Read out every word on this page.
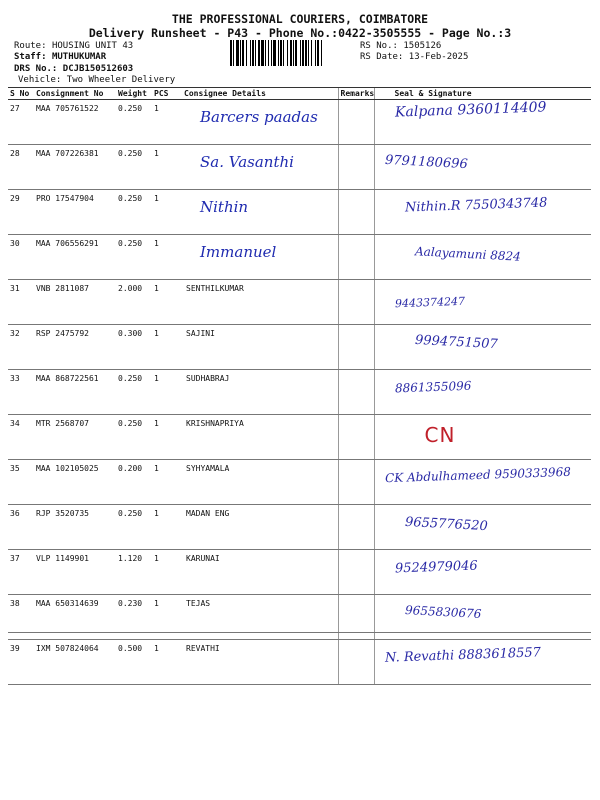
THE PROFESSIONAL COURIERS, COIMBATORE
Delivery Runsheet - P43 - Phone No.:0422-3505555 - Page No.:3
Route: HOUSING UNIT 43
Staff: MUTHUKUMAR
DRS No.: DCJB150512603
Vehicle: Two Wheeler Delivery
RS No.: 1505126
RS Date: 13-Feb-2025
S No	Consignment No	Weight	PCS	Consignee Details	Remarks	Seal & Signature
27	MAA 705761522	0.250	1	Barcers paadas		Kalpana 9360114409

28	MAA 707226381	0.250	1	Sa. Vasanthi		9791180696

29	PRO 17547904	0.250	1	Nithin		Nithin.R 7550343748

30	MAA 706556291	0.250	1	Immanuel		Aalayamuni 8824

31	VNB 2811087	2.000	1	SENTHILKUMAR		9443374247

32	RSP 2475792	0.300	1	SAJINI		9994751507

33	MAA 868722561	0.250	1	SUDHABRAJ		8861355096

34	MTR 2568707	0.250	1	KRISHNAPRIYA		CN

35	MAA 102105025	0.200	1	SYHYAMALA		CK Abdulhameed 9590333968

36	RJP 3520735	0.250	1	MADAN ENG		9655776520

37	VLP 1149901	1.120	1	KARUNAI		9524979046

38	MAA 650314639	0.230	1	TEJAS		9655830676

39	IXM 507824064	0.500	1	REVATHI		N. Revathi 8883618557
